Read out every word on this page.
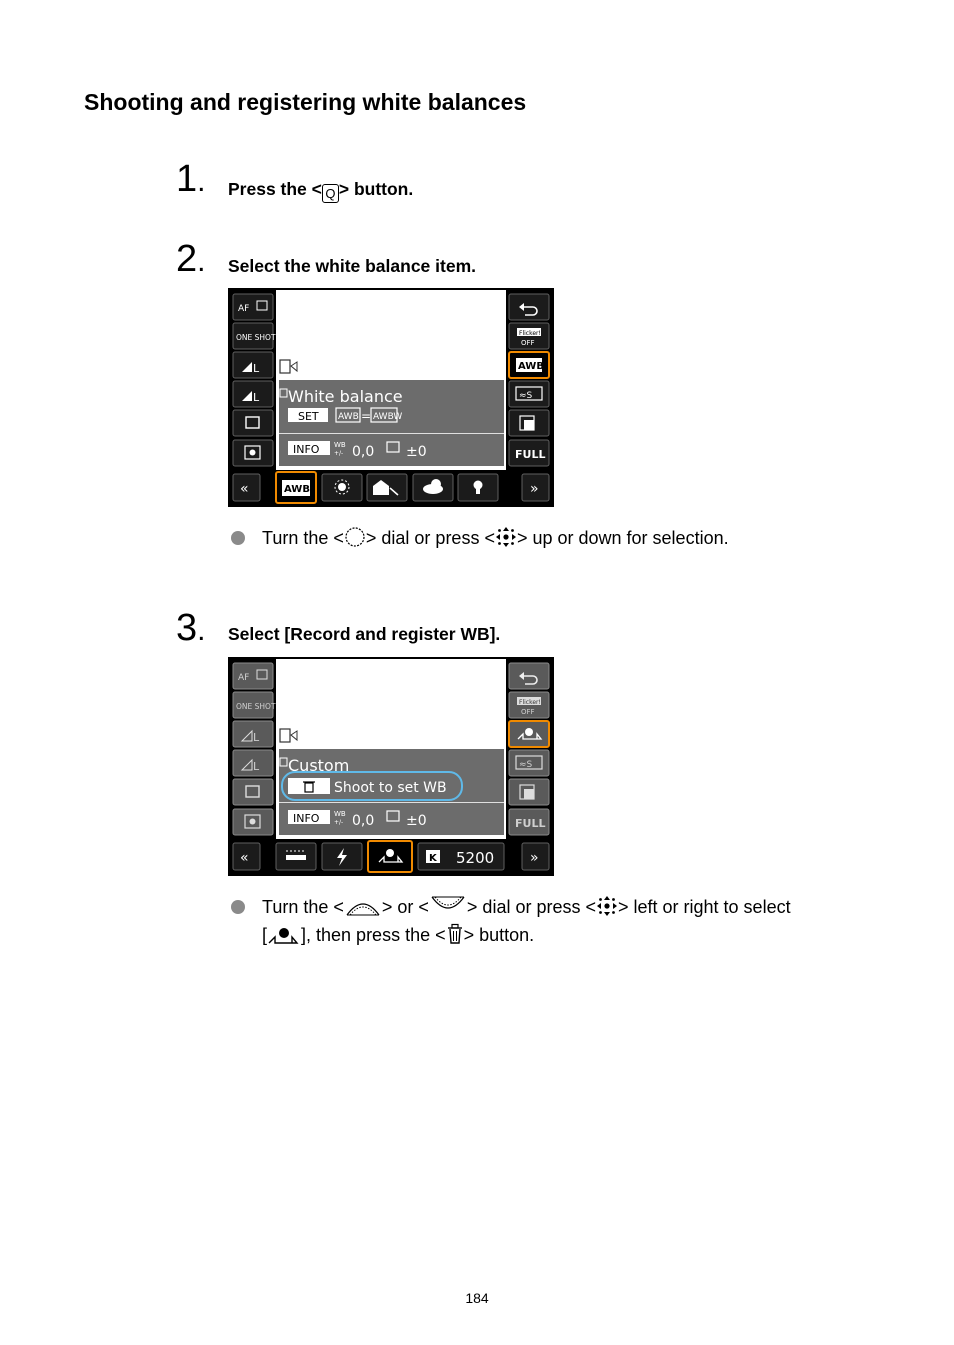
Shooting and registering white balances
1. Press the < Q > button.
2. Select the white balance item.
AF
ONE SHOT
L
L
Flicker!
OFF
AWB
≈S
FULL
White balance
SET AWB = AWBW
INFO WB
+/- 0,0 ±0
«	AWB	»
Turn the < > dial or press < > up or down for selection.
3. Select [Record and register WB].
AF
ONE SHOT
L
L
Flicker!
OFF
≈S
FULL
Custom
Shoot to set WB
INFO WB
+/- 0,0 ±0
«	K 5200	»
Turn the < > or < > dial or press < > left or right to select
[ ], then press the < > button.
184
